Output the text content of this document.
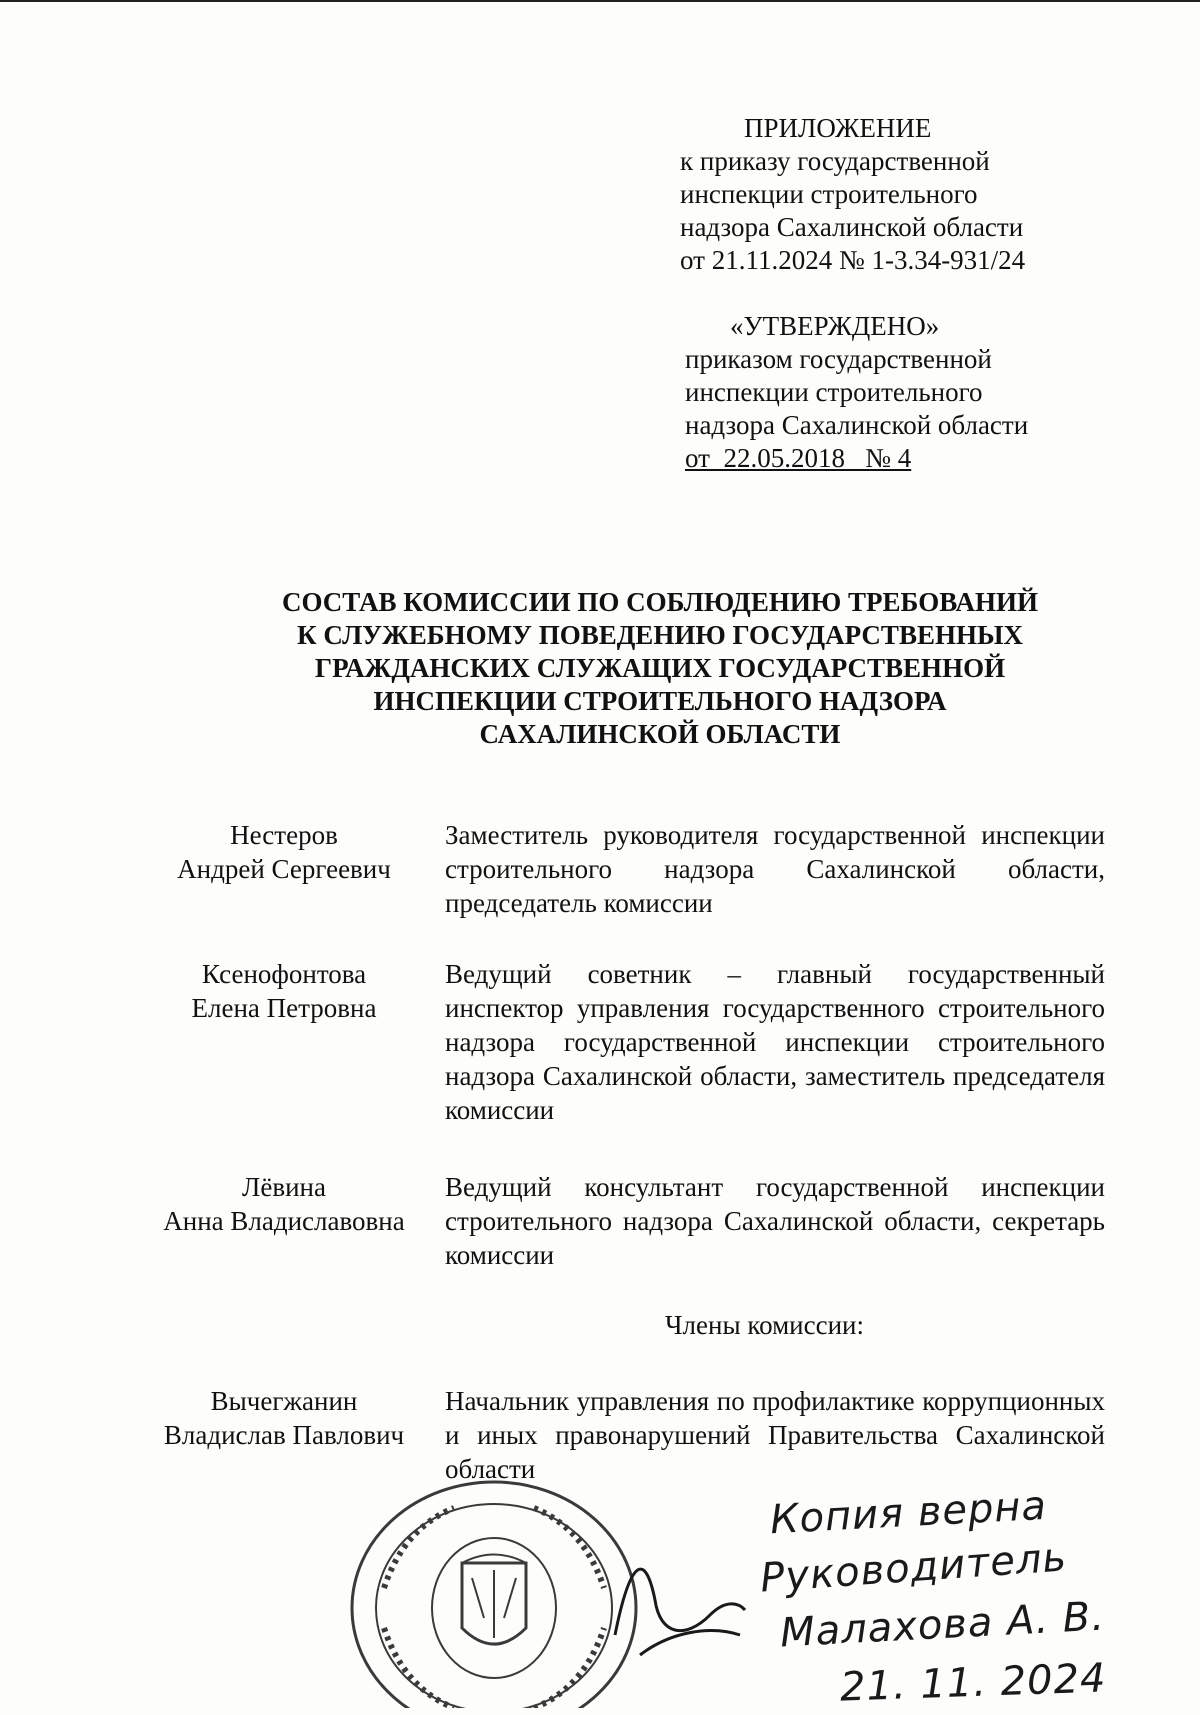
ПРИЛОЖЕНИЕ
к приказу государственной
инспекции строительного
надзора Сахалинской области
от 21.11.2024 № 1-3.34-931/24
«УТВЕРЖДЕНО»
приказом государственной
инспекции строительного
надзора Сахалинской области
от  22.05.2018   № 4
СОСТАВ КОМИССИИ ПО СОБЛЮДЕНИЮ ТРЕБОВАНИЙ
К СЛУЖЕБНОМУ ПОВЕДЕНИЮ ГОСУДАРСТВЕННЫХ
ГРАЖДАНСКИХ СЛУЖАЩИХ ГОСУДАРСТВЕННОЙ
ИНСПЕКЦИИ СТРОИТЕЛЬНОГО НАДЗОРА
САХАЛИНСКОЙ ОБЛАСТИ
Нестеров
Андрей Сергеевич
Заместитель руководителя государственной инспекции строительного надзора Сахалинской области, председатель комиссии
Ксенофонтова
Елена Петровна
Ведущий советник – главный государственный инспектор управления государственного строительного надзора государственной инспекции строительного надзора Сахалинской области, заместитель председателя комиссии
Лёвина
Анна Владиславовна
Ведущий консультант государственной инспекции строительного надзора Сахалинской области, секретарь комиссии
Члены комиссии:
Вычегжанин
Владислав Павлович
Начальник управления по профилактике коррупционных и иных правонарушений Правительства Сахалинской области
Копия верна
Руководитель
Малахова А. В.
21. 11. 2024
